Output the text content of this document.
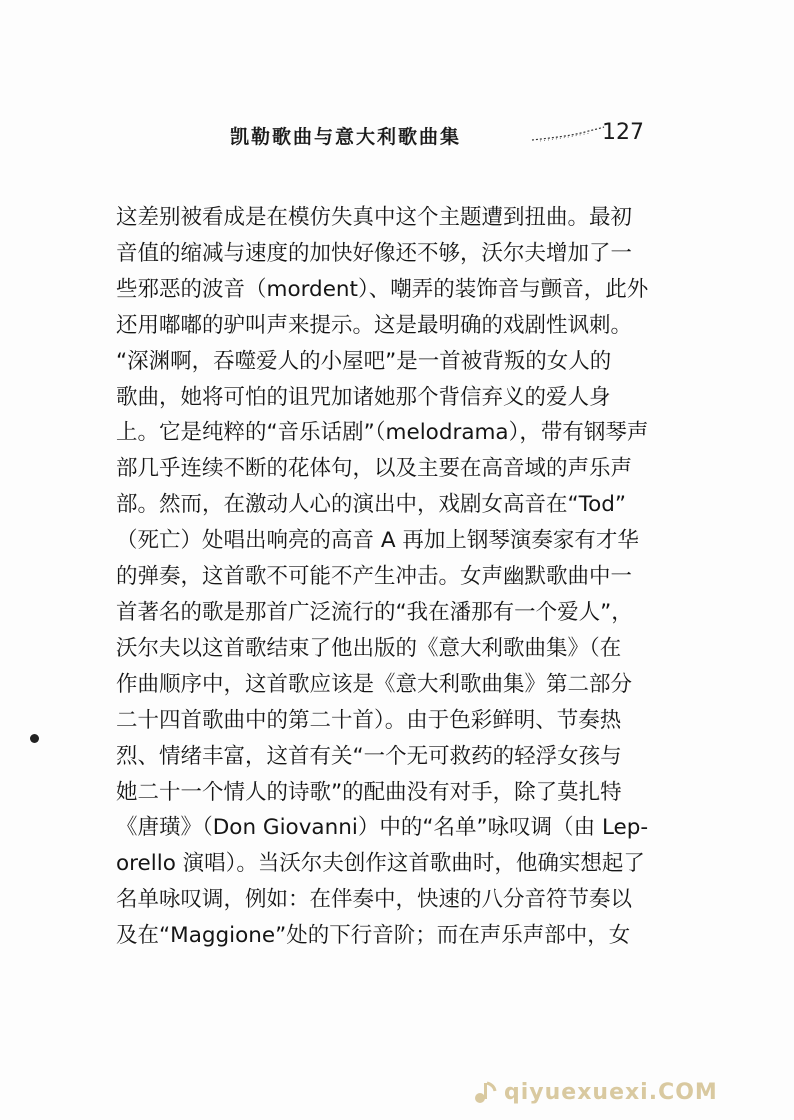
凯勒歌曲与意大利歌曲集	127
这差别被看成是在模仿失真中这个主题遭到扭曲。最初
音值的缩减与速度的加快好像还不够，沃尔夫增加了一
些邪恶的波音（mordent）、嘲弄的装饰音与颤音，此外
还用嘟嘟的驴叫声来提示。这是最明确的戏剧性讽刺。
“深渊啊，吞噬爱人的小屋吧”是一首被背叛的女人的
歌曲，她将可怕的诅咒加诸她那个背信弃义的爱人身
上。它是纯粹的“音乐话剧”（melodrama），带有钢琴声
部几乎连续不断的花体句，以及主要在高音域的声乐声
部。然而，在激动人心的演出中，戏剧女高音在“Tod”
（死亡）处唱出响亮的高音 A 再加上钢琴演奏家有才华
的弹奏，这首歌不可能不产生冲击。女声幽默歌曲中一
首著名的歌是那首广泛流行的“我在潘那有一个爱人”，
沃尔夫以这首歌结束了他出版的《意大利歌曲集》（在
作曲顺序中，这首歌应该是《意大利歌曲集》第二部分
二十四首歌曲中的第二十首）。由于色彩鲜明、节奏热
烈、情绪丰富，这首有关“一个无可救药的轻浮女孩与
她二十一个情人的诗歌”的配曲没有对手，除了莫扎特
《唐璜》（Don Giovanni）中的“名单”咏叹调（由 Lep-
orello 演唱）。当沃尔夫创作这首歌曲时，他确实想起了
名单咏叹调，例如：在伴奏中，快速的八分音符节奏以
及在“Maggione”处的下行音阶；而在声乐声部中，女
qiyuexuexi.COM
